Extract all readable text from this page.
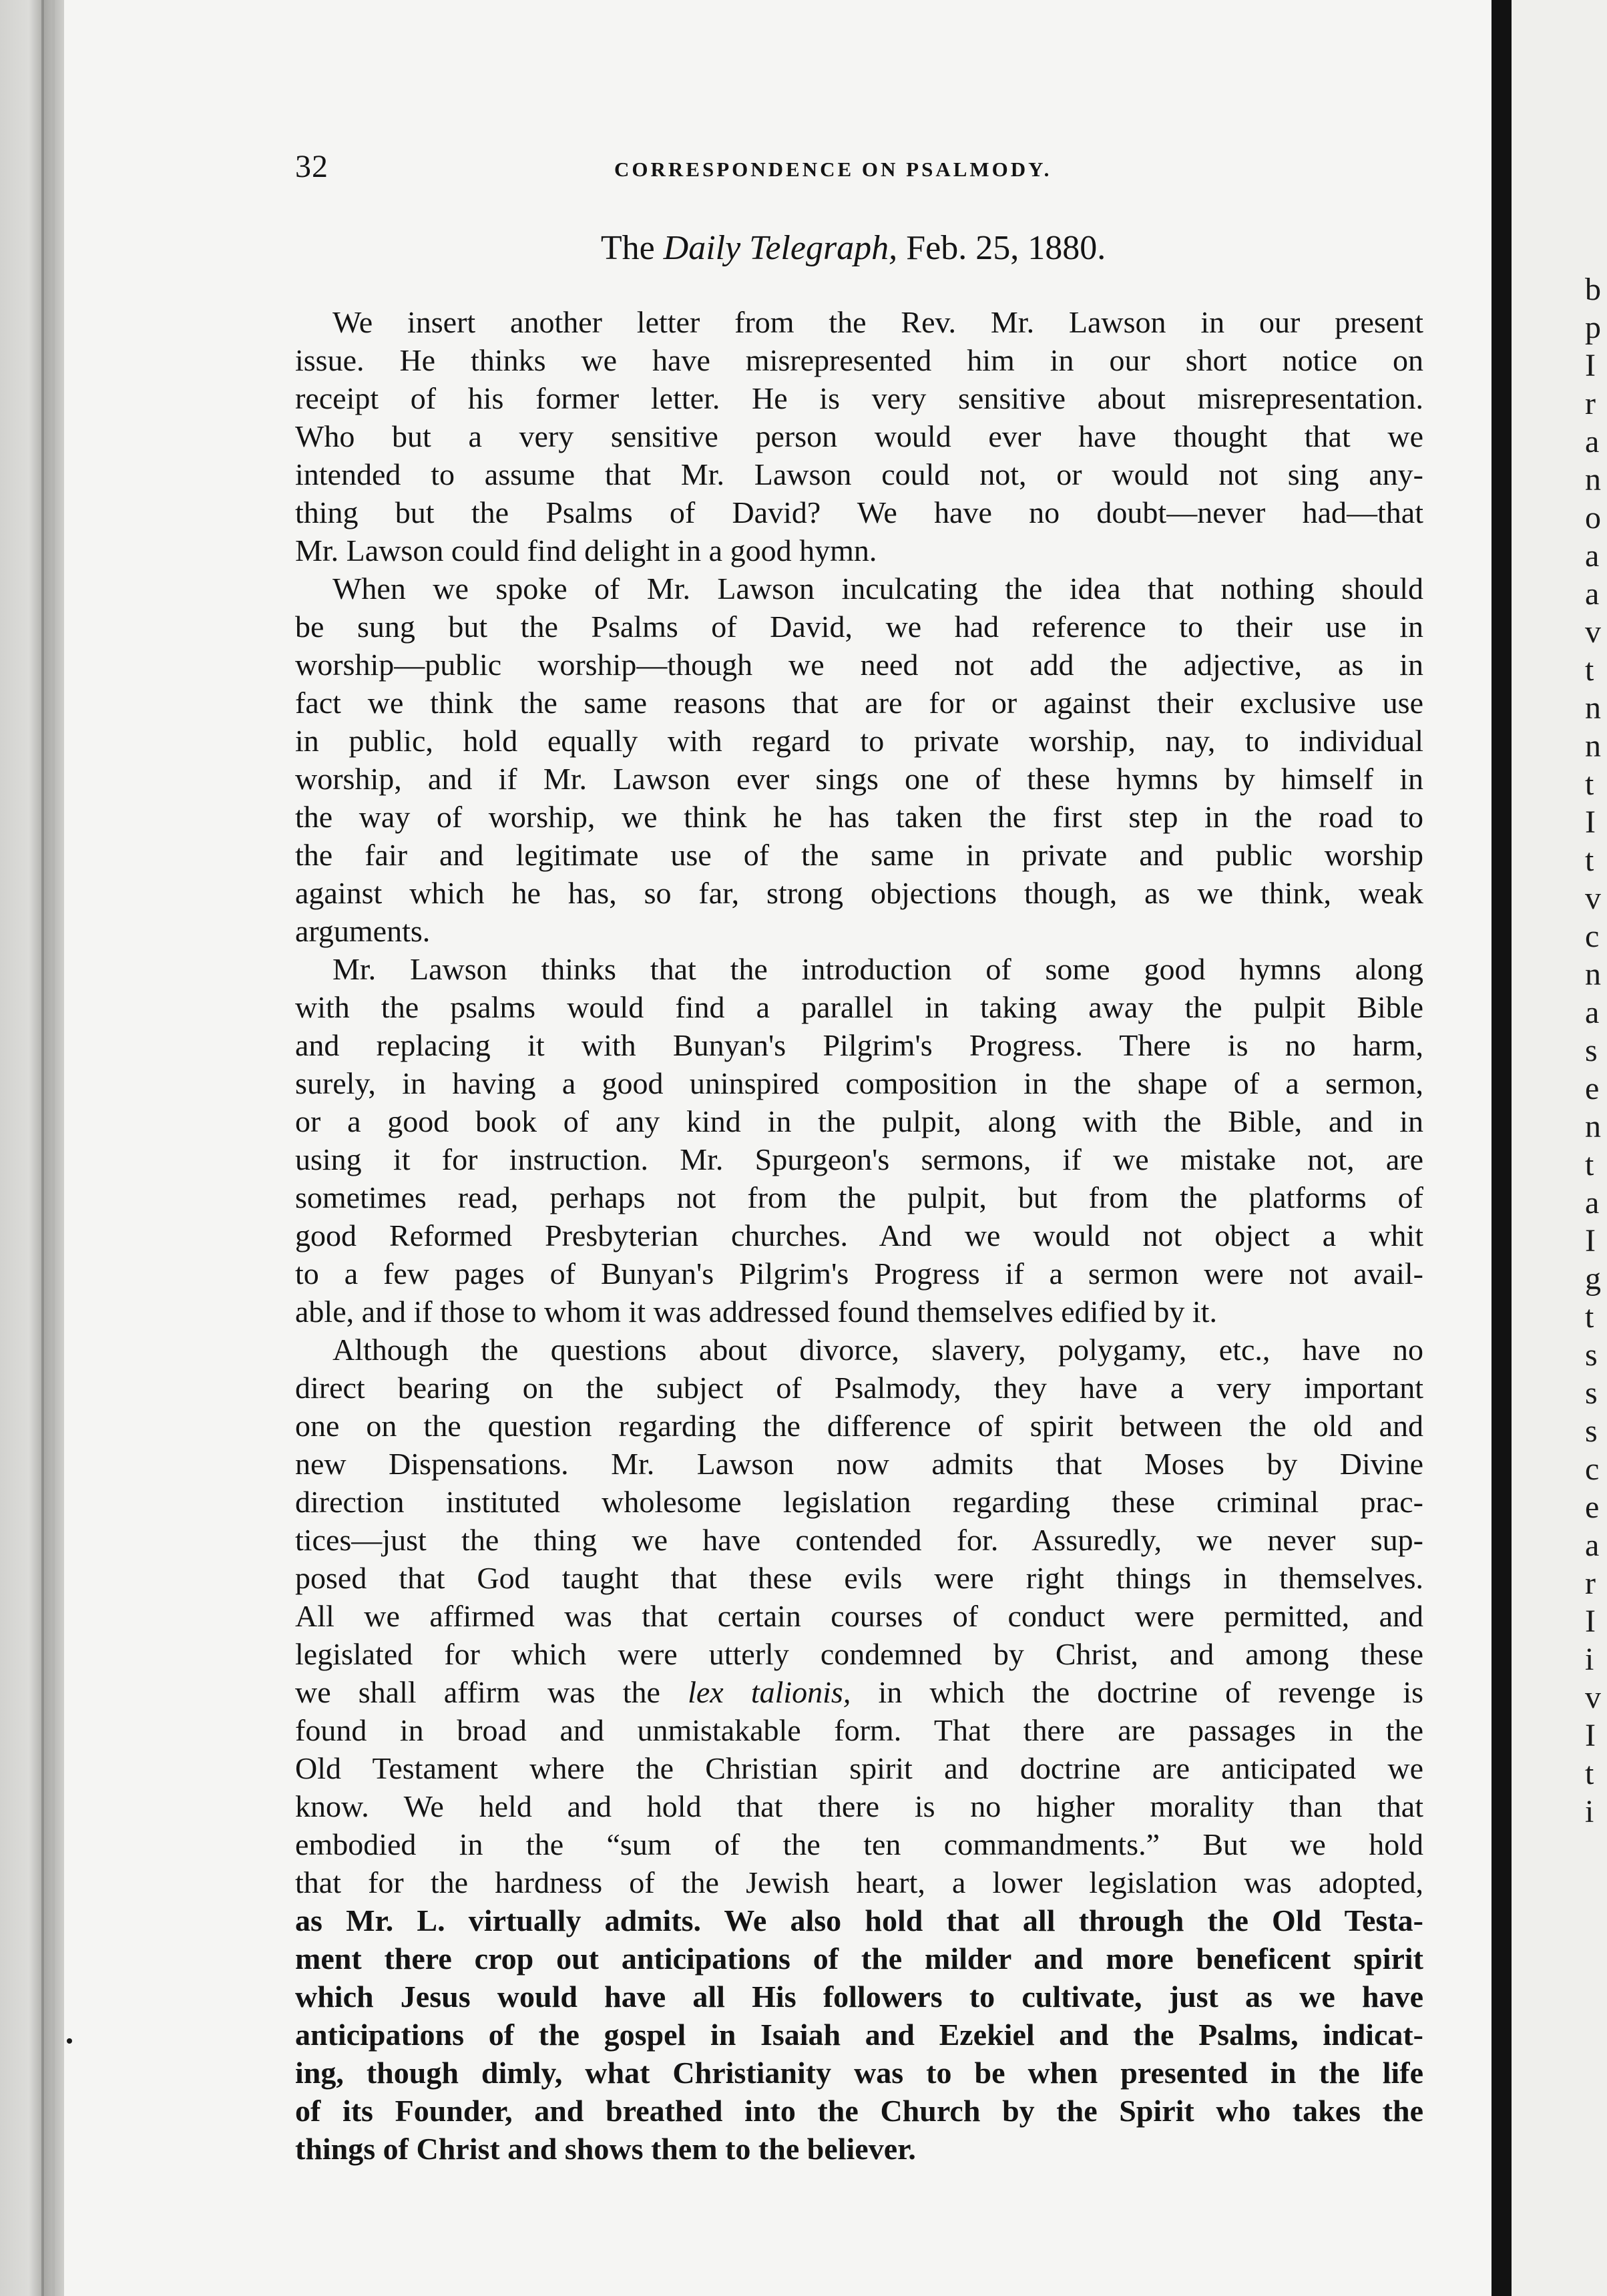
b
p
I
r
a
n
o
a
a
v
t
n
n
t
I
t
v
c
n
a
s
e
n
t
a
I
g
t
s
s
s
c
e
a
r
I
i
v
I
t
i
32	CORRESPONDENCE ON PSALMODY.
The Daily Telegraph, Feb. 25, 1880.

We insert another letter from the Rev. Mr. Lawson in our present
issue. He thinks we have misrepresented him in our short notice on
receipt of his former letter. He is very sensitive about misrepresentation.
Who but a very sensitive person would ever have thought that we
intended to assume that Mr. Lawson could not, or would not sing any-
thing but the Psalms of David? We have no doubt—never had—that
Mr. Lawson could find delight in a good hymn.

When we spoke of Mr. Lawson inculcating the idea that nothing should
be sung but the Psalms of David, we had reference to their use in
worship—public worship—though we need not add the adjective, as in
fact we think the same reasons that are for or against their exclusive use
in public, hold equally with regard to private worship, nay, to individual
worship, and if Mr. Lawson ever sings one of these hymns by himself in
the way of worship, we think he has taken the first step in the road to
the fair and legitimate use of the same in private and public worship
against which he has, so far, strong objections though, as we think, weak
arguments.

Mr. Lawson thinks that the introduction of some good hymns along
with the psalms would find a parallel in taking away the pulpit Bible
and replacing it with Bunyan's Pilgrim's Progress. There is no harm,
surely, in having a good uninspired composition in the shape of a sermon,
or a good book of any kind in the pulpit, along with the Bible, and in
using it for instruction. Mr. Spurgeon's sermons, if we mistake not, are
sometimes read, perhaps not from the pulpit, but from the platforms of
good Reformed Presbyterian churches. And we would not object a whit
to a few pages of Bunyan's Pilgrim's Progress if a sermon were not avail-
able, and if those to whom it was addressed found themselves edified by it.

Although the questions about divorce, slavery, polygamy, etc., have no
direct bearing on the subject of Psalmody, they have a very important
one on the question regarding the difference of spirit between the old and
new Dispensations. Mr. Lawson now admits that Moses by Divine
direction instituted wholesome legislation regarding these criminal prac-
tices—just the thing we have contended for. Assuredly, we never sup-
posed that God taught that these evils were right things in themselves.
All we affirmed was that certain courses of conduct were permitted, and
legislated for which were utterly condemned by Christ, and among these
we shall affirm was the lex talionis, in which the doctrine of revenge is
found in broad and unmistakable form. That there are passages in the
Old Testament where the Christian spirit and doctrine are anticipated we
know. We held and hold that there is no higher morality than that
embodied in the “sum of the ten commandments.” But we hold
that for the hardness of the Jewish heart, a lower legislation was adopted,
as Mr. L. virtually admits. We also hold that all through the Old Testa-
ment there crop out anticipations of the milder and more beneficent spirit
which Jesus would have all His followers to cultivate, just as we have
anticipations of the gospel in Isaiah and Ezekiel and the Psalms, indicat-
ing, though dimly, what Christianity was to be when presented in the life
of its Founder, and breathed into the Church by the Spirit who takes the
things of Christ and shows them to the believer.
